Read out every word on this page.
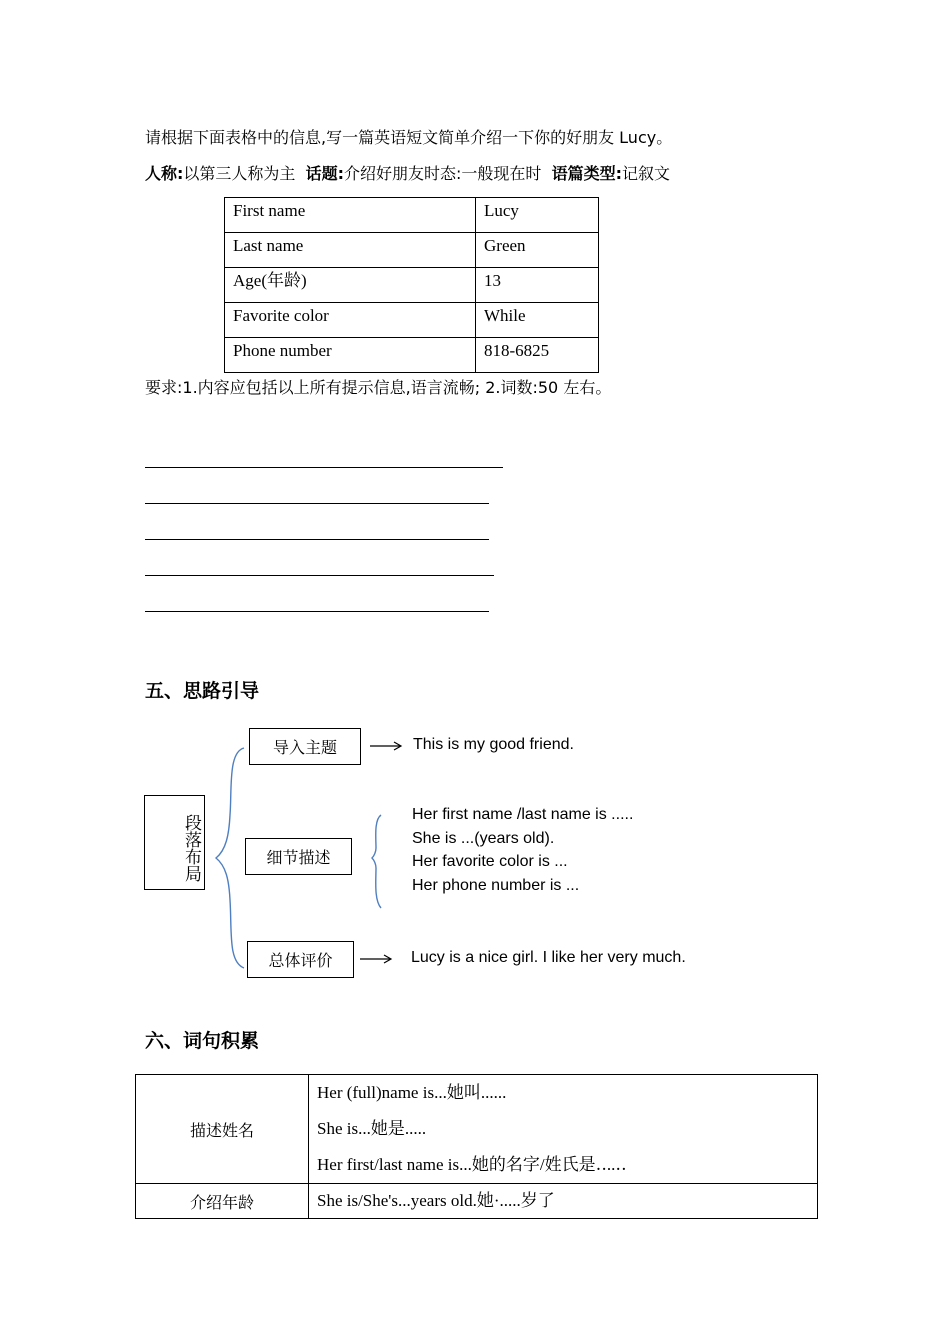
请根据下面表格中的信息,写一篇英语短文简单介绍一下你的好朋友 Lucy。
人称:以第三人称为主 话题:介绍好朋友时态:一般现在时 语篇类型:记叙文
First name	Lucy
Last name	Green
Age(年龄)	13
Favorite color	While
Phone number	818-6825
要求:1.内容应包括以上所有提示信息,语言流畅; 2.词数:50 左右。
五、思路引导
段落布局
导入主题
细节描述
总体评价
This is my good friend.
Her first name /last name is .....
She is ...(years old).
Her favorite color is ...
Her phone number is ...
Lucy is a nice girl. I like her very much.
六、词句积累
描述姓名	Her (full)name is...她叫......
She is...她是.....
Her first/last name is...她的名字/姓氏是‥..‥

介绍年龄	She is/She's...years old.她·.....岁了
